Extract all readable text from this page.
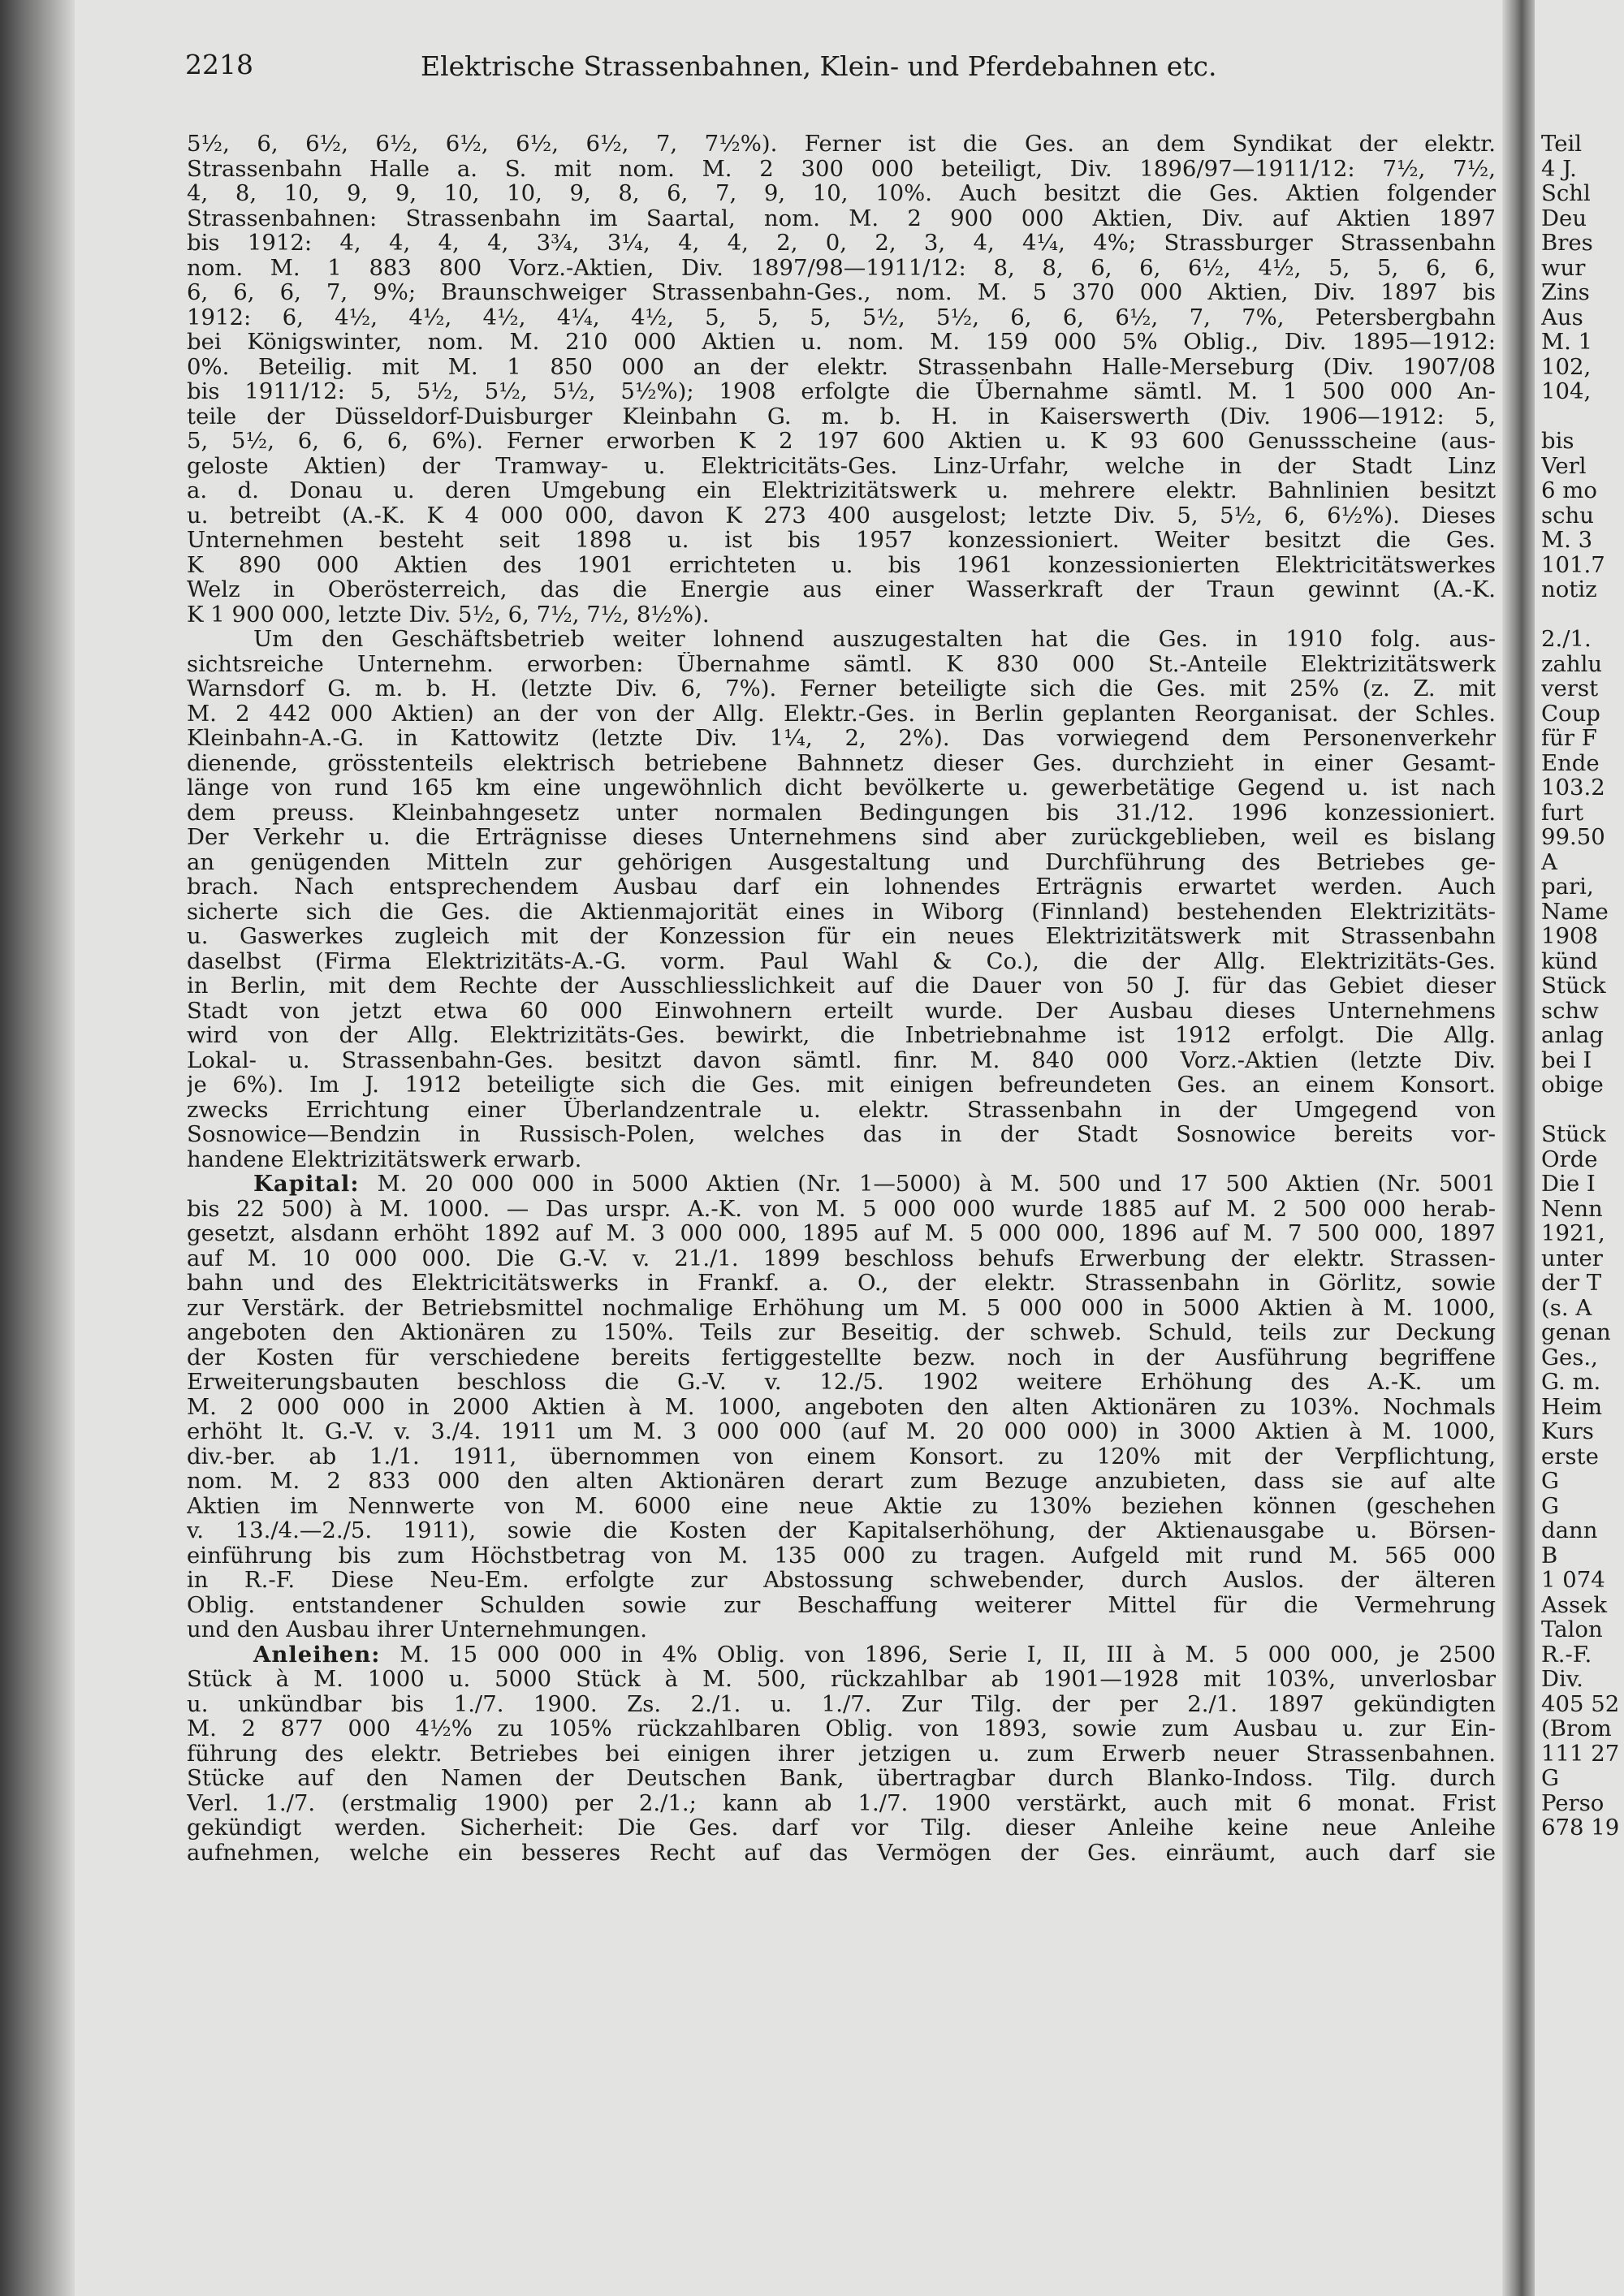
2218	Elektrische Strassenbahnen, Klein- und Pferdebahnen etc.
5½, 6, 6½, 6½, 6½, 6½, 6½, 7, 7½%). Ferner ist die Ges. an dem Syndikat der elektr.
Strassenbahn Halle a. S. mit nom. M. 2 300 000 beteiligt, Div. 1896/97—1911/12: 7½, 7½,
4, 8, 10, 9, 9, 10, 10, 9, 8, 6, 7, 9, 10, 10%. Auch besitzt die Ges. Aktien folgender
Strassenbahnen: Strassenbahn im Saartal, nom. M. 2 900 000 Aktien, Div. auf Aktien 1897
bis 1912: 4, 4, 4, 4, 3¾, 3¼, 4, 4, 2, 0, 2, 3, 4, 4¼, 4%; Strassburger Strassenbahn
nom. M. 1 883 800 Vorz.-Aktien, Div. 1897/98—1911/12: 8, 8, 6, 6, 6½, 4½, 5, 5, 6, 6,
6, 6, 6, 7, 9%; Braunschweiger Strassenbahn-Ges., nom. M. 5 370 000 Aktien, Div. 1897 bis
1912: 6, 4½, 4½, 4½, 4¼, 4½, 5, 5, 5, 5½, 5½, 6, 6, 6½, 7, 7%, Petersbergbahn
bei Königswinter, nom. M. 210 000 Aktien u. nom. M. 159 000 5% Oblig., Div. 1895—1912:
0%. Beteilig. mit M. 1 850 000 an der elektr. Strassenbahn Halle-Merseburg (Div. 1907/08
bis 1911/12: 5, 5½, 5½, 5½, 5½%); 1908 erfolgte die Übernahme sämtl. M. 1 500 000 An-
teile der Düsseldorf-Duisburger Kleinbahn G. m. b. H. in Kaiserswerth (Div. 1906—1912: 5,
5, 5½, 6, 6, 6, 6%). Ferner erworben K 2 197 600 Aktien u. K 93 600 Genussscheine (aus-
geloste Aktien) der Tramway- u. Elektricitäts-Ges. Linz-Urfahr, welche in der Stadt Linz
a. d. Donau u. deren Umgebung ein Elektrizitätswerk u. mehrere elektr. Bahnlinien besitzt
u. betreibt (A.-K. K 4 000 000, davon K 273 400 ausgelost; letzte Div. 5, 5½, 6, 6½%). Dieses
Unternehmen besteht seit 1898 u. ist bis 1957 konzessioniert. Weiter besitzt die Ges.
K 890 000 Aktien des 1901 errichteten u. bis 1961 konzessionierten Elektricitätswerkes
Welz in Oberösterreich, das die Energie aus einer Wasserkraft der Traun gewinnt (A.-K.
K 1 900 000, letzte Div. 5½, 6, 7½, 7½, 8½%).
Um den Geschäftsbetrieb weiter lohnend auszugestalten hat die Ges. in 1910 folg. aus-
sichtsreiche Unternehm. erworben: Übernahme sämtl. K 830 000 St.-Anteile Elektrizitätswerk
Warnsdorf G. m. b. H. (letzte Div. 6, 7%). Ferner beteiligte sich die Ges. mit 25% (z. Z. mit
M. 2 442 000 Aktien) an der von der Allg. Elektr.-Ges. in Berlin geplanten Reorganisat. der Schles.
Kleinbahn-A.-G. in Kattowitz (letzte Div. 1¼, 2, 2%). Das vorwiegend dem Personenverkehr
dienende, grösstenteils elektrisch betriebene Bahnnetz dieser Ges. durchzieht in einer Gesamt-
länge von rund 165 km eine ungewöhnlich dicht bevölkerte u. gewerbetätige Gegend u. ist nach
dem preuss. Kleinbahngesetz unter normalen Bedingungen bis 31./12. 1996 konzessioniert.
Der Verkehr u. die Erträgnisse dieses Unternehmens sind aber zurückgeblieben, weil es bislang
an genügenden Mitteln zur gehörigen Ausgestaltung und Durchführung des Betriebes ge-
brach. Nach entsprechendem Ausbau darf ein lohnendes Erträgnis erwartet werden. Auch
sicherte sich die Ges. die Aktienmajorität eines in Wiborg (Finnland) bestehenden Elektrizitäts-
u. Gaswerkes zugleich mit der Konzession für ein neues Elektrizitätswerk mit Strassenbahn
daselbst (Firma Elektrizitäts-A.-G. vorm. Paul Wahl & Co.), die der Allg. Elektrizitäts-Ges.
in Berlin, mit dem Rechte der Ausschliesslichkeit auf die Dauer von 50 J. für das Gebiet dieser
Stadt von jetzt etwa 60 000 Einwohnern erteilt wurde. Der Ausbau dieses Unternehmens
wird von der Allg. Elektrizitäts-Ges. bewirkt, die Inbetriebnahme ist 1912 erfolgt. Die Allg.
Lokal- u. Strassenbahn-Ges. besitzt davon sämtl. finr. M. 840 000 Vorz.-Aktien (letzte Div.
je 6%). Im J. 1912 beteiligte sich die Ges. mit einigen befreundeten Ges. an einem Konsort.
zwecks Errichtung einer Überlandzentrale u. elektr. Strassenbahn in der Umgegend von
Sosnowice—Bendzin in Russisch-Polen, welches das in der Stadt Sosnowice bereits vor-
handene Elektrizitätswerk erwarb.
Kapital: M. 20 000 000 in 5000 Aktien (Nr. 1—5000) à M. 500 und 17 500 Aktien (Nr. 5001
bis 22 500) à M. 1000. — Das urspr. A.-K. von M. 5 000 000 wurde 1885 auf M. 2 500 000 herab-
gesetzt, alsdann erhöht 1892 auf M. 3 000 000, 1895 auf M. 5 000 000, 1896 auf M. 7 500 000, 1897
auf M. 10 000 000. Die G.-V. v. 21./1. 1899 beschloss behufs Erwerbung der elektr. Strassen-
bahn und des Elektricitätswerks in Frankf. a. O., der elektr. Strassenbahn in Görlitz, sowie
zur Verstärk. der Betriebsmittel nochmalige Erhöhung um M. 5 000 000 in 5000 Aktien à M. 1000,
angeboten den Aktionären zu 150%. Teils zur Beseitig. der schweb. Schuld, teils zur Deckung
der Kosten für verschiedene bereits fertiggestellte bezw. noch in der Ausführung begriffene
Erweiterungsbauten beschloss die G.-V. v. 12./5. 1902 weitere Erhöhung des A.-K. um
M. 2 000 000 in 2000 Aktien à M. 1000, angeboten den alten Aktionären zu 103%. Nochmals
erhöht lt. G.-V. v. 3./4. 1911 um M. 3 000 000 (auf M. 20 000 000) in 3000 Aktien à M. 1000,
div.-ber. ab 1./1. 1911, übernommen von einem Konsort. zu 120% mit der Verpflichtung,
nom. M. 2 833 000 den alten Aktionären derart zum Bezuge anzubieten, dass sie auf alte
Aktien im Nennwerte von M. 6000 eine neue Aktie zu 130% beziehen können (geschehen
v. 13./4.—2./5. 1911), sowie die Kosten der Kapitalserhöhung, der Aktienausgabe u. Börsen-
einführung bis zum Höchstbetrag von M. 135 000 zu tragen. Aufgeld mit rund M. 565 000
in R.-F. Diese Neu-Em. erfolgte zur Abstossung schwebender, durch Auslos. der älteren
Oblig. entstandener Schulden sowie zur Beschaffung weiterer Mittel für die Vermehrung
und den Ausbau ihrer Unternehmungen.
Anleihen: M. 15 000 000 in 4% Oblig. von 1896, Serie I, II, III à M. 5 000 000, je 2500
Stück à M. 1000 u. 5000 Stück à M. 500, rückzahlbar ab 1901—1928 mit 103%, unverlosbar
u. unkündbar bis 1./7. 1900. Zs. 2./1. u. 1./7. Zur Tilg. der per 2./1. 1897 gekündigten
M. 2 877 000 4½% zu 105% rückzahlbaren Oblig. von 1893, sowie zum Ausbau u. zur Ein-
führung des elektr. Betriebes bei einigen ihrer jetzigen u. zum Erwerb neuer Strassenbahnen.
Stücke auf den Namen der Deutschen Bank, übertragbar durch Blanko-Indoss. Tilg. durch
Verl. 1./7. (erstmalig 1900) per 2./1.; kann ab 1./7. 1900 verstärkt, auch mit 6 monat. Frist
gekündigt werden. Sicherheit: Die Ges. darf vor Tilg. dieser Anleihe keine neue Anleihe
aufnehmen, welche ein besseres Recht auf das Vermögen der Ges. einräumt, auch darf sie
Teil
4 J.
Schl
Deu
Bres
wur
Zins
Aus
M. 1
102,
104,
bis
Verl
6 mo
schu
M. 3
101.7
notiz
2./1.
zahlu
verst
Coup
für F
Ende
103.2
furt
99.50
A
pari,
Name
1908
künd
Stück
schw
anlag
bei I
obige
Stück
Orde
Die I
Nenn
1921,
unter
der T
(s. A
genan
Ges.,
G. m.
Heim
Kurs
erste
G
G
dann
B
1 074
Assek
Talon
R.-F.
Div.
405 52
(Brom
111 27
G
Perso
678 19
